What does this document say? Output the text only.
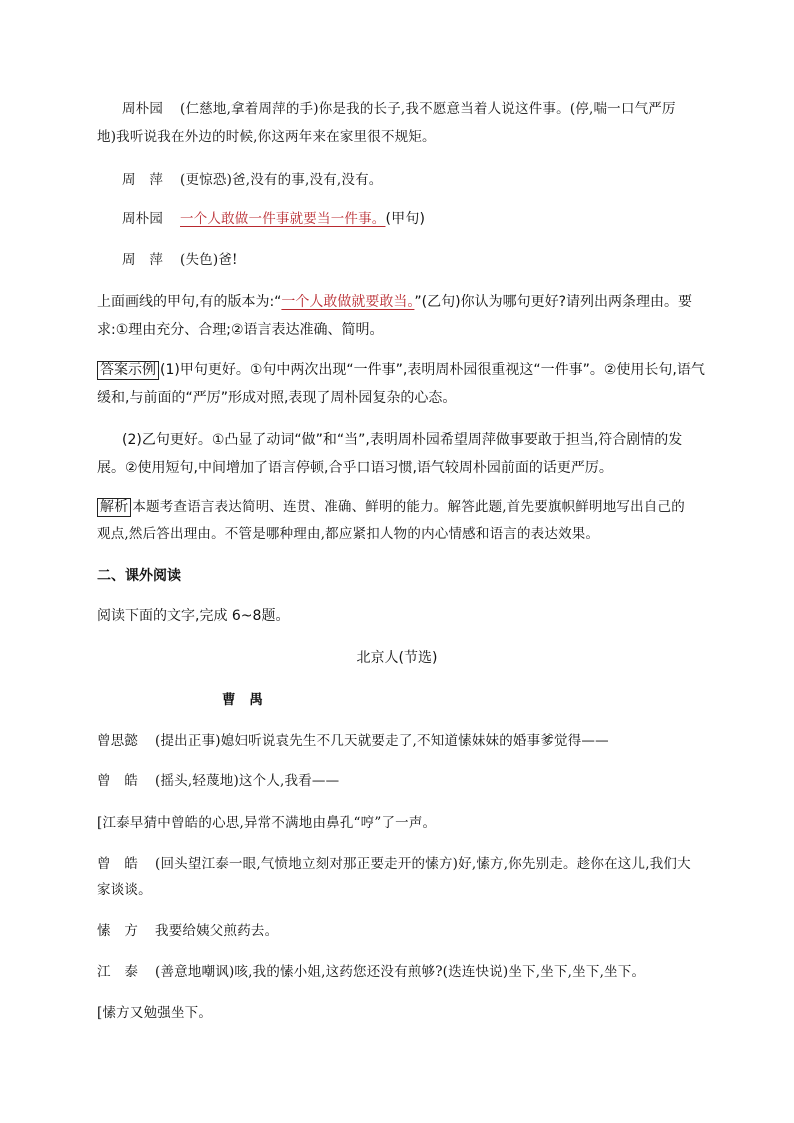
周朴园 (仁慈地,拿着周萍的手)你是我的长子,我不愿意当着人说这件事。(停,喘一口气严厉
地)我听说我在外边的时候,你这两年来在家里很不规矩。
周　萍 (更惊恐)爸,没有的事,没有,没有。
周朴园 一个人敢做一件事就要当一件事。(甲句)
周　萍 (失色)爸!
上面画线的甲句,有的版本为:“一个人敢做就要敢当。”(乙句)你认为哪句更好?请列出两条理由。要
求:①理由充分、合理;②语言表达准确、简明。
答案示例 (1)甲句更好。①句中两次出现“一件事”,表明周朴园很重视这“一件事”。②使用长句,语气
缓和,与前面的“严厉”形成对照,表现了周朴园复杂的心态。
(2)乙句更好。①凸显了动词“做”和“当”,表明周朴园希望周萍做事要敢于担当,符合剧情的发
展。②使用短句,中间增加了语言停顿,合乎口语习惯,语气较周朴园前面的话更严厉。
解析 本题考查语言表达简明、连贯、准确、鲜明的能力。解答此题,首先要旗帜鲜明地写出自己的
观点,然后答出理由。不管是哪种理由,都应紧扣人物的内心情感和语言的表达效果。
二、课外阅读
阅读下面的文字,完成 6~8题。
北京人(节选)
曹　禺
曾思懿 (提出正事)媳妇听说袁先生不几天就要走了,不知道愫妹妹的婚事爹觉得——
曾　皓 (摇头,轻蔑地)这个人,我看——
[江泰早猜中曾皓的心思,异常不满地由鼻孔“哼”了一声。
曾　皓 (回头望江泰一眼,气愤地立刻对那正要走开的愫方)好,愫方,你先别走。趁你在这儿,我们大
家谈谈。
愫　方 我要给姨父煎药去。
江　泰 (善意地嘲讽)咳,我的愫小姐,这药您还没有煎够?(迭连快说)坐下,坐下,坐下,坐下。
[愫方又勉强坐下。
